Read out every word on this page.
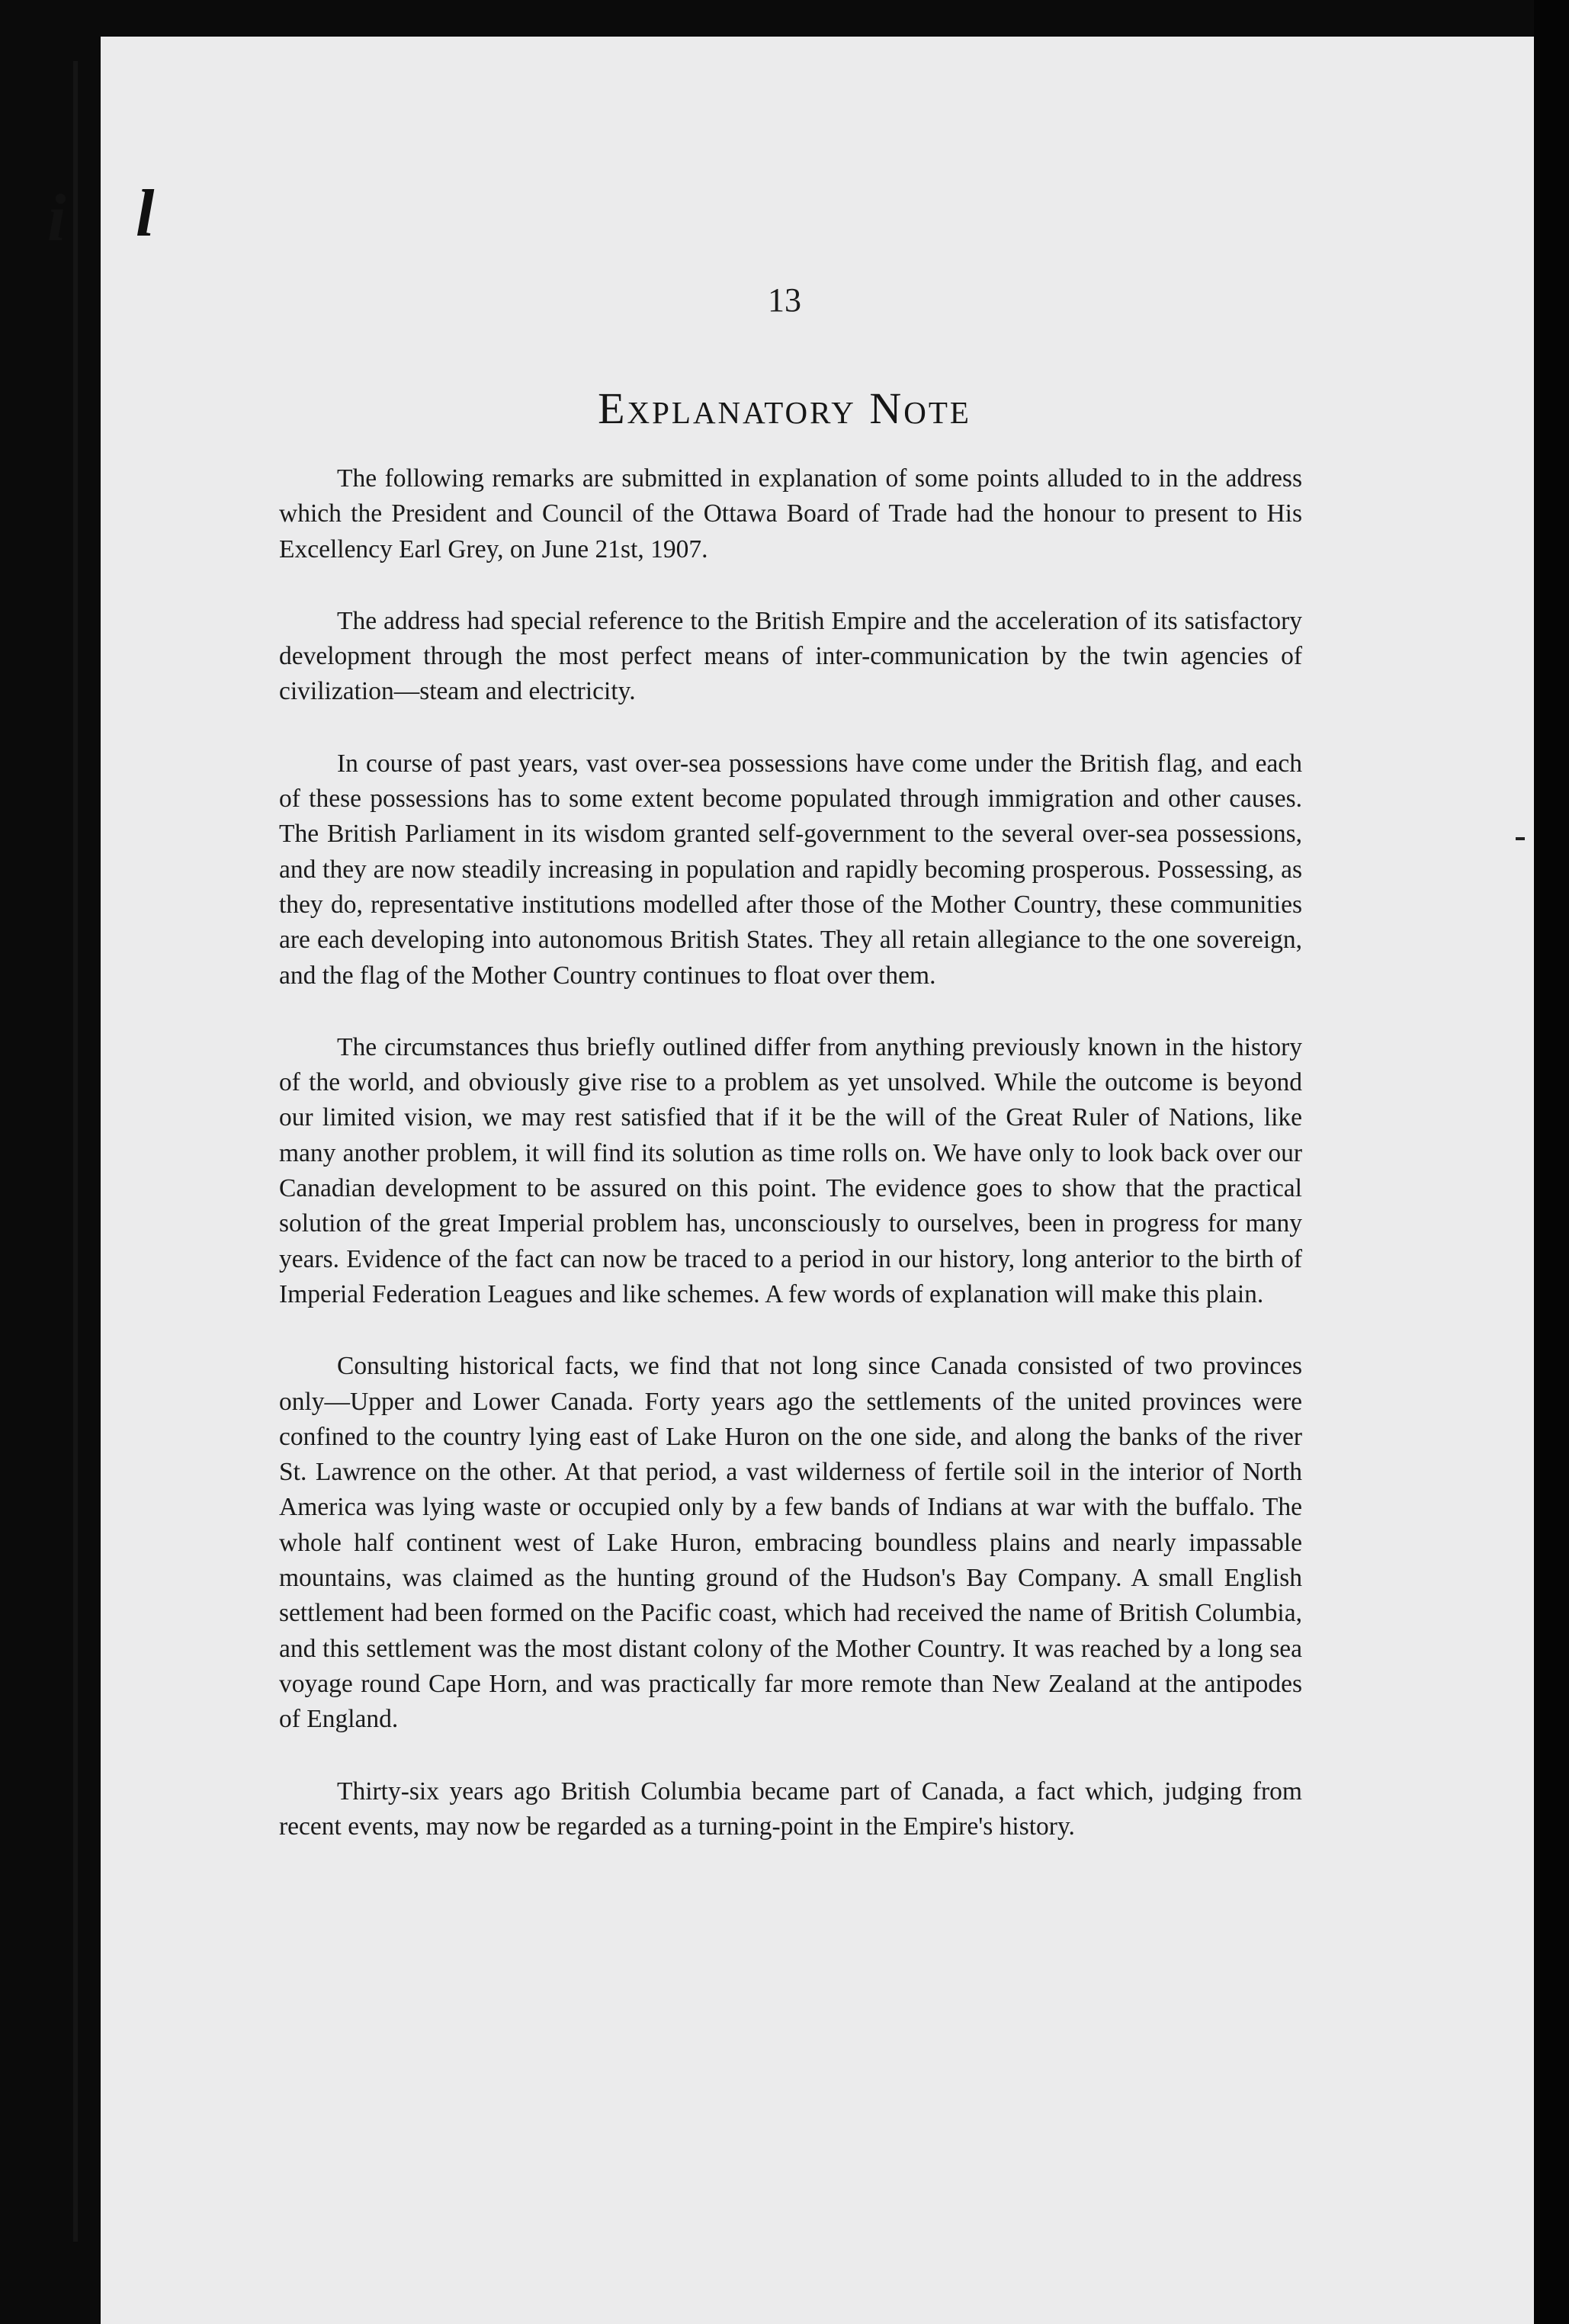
i l
13
Explanatory Note

The following remarks are submitted in explanation of some points alluded to in the address which the President and Council of the Ottawa Board of Trade had the honour to present to His Excellency Earl Grey, on June 21st, 1907.

The address had special reference to the British Empire and the acceleration of its satisfactory development through the most perfect means of inter-communication by the twin agencies of civilization—steam and electricity.

In course of past years, vast over-sea possessions have come under the British flag, and each of these possessions has to some extent become populated through immigration and other causes. The British Parliament in its wisdom granted self-government to the several over-sea possessions, and they are now steadily increasing in population and rapidly becoming prosperous. Possessing, as they do, representative institutions modelled after those of the Mother Country, these communities are each developing into autonomous British States. They all retain allegiance to the one sovereign, and the flag of the Mother Country continues to float over them.

The circumstances thus briefly outlined differ from anything previously known in the history of the world, and obviously give rise to a problem as yet unsolved. While the outcome is beyond our limited vision, we may rest satisfied that if it be the will of the Great Ruler of Nations, like many another problem, it will find its solution as time rolls on. We have only to look back over our Canadian development to be assured on this point. The evidence goes to show that the practical solution of the great Imperial problem has, unconsciously to ourselves, been in progress for many years. Evidence of the fact can now be traced to a period in our history, long anterior to the birth of Imperial Federation Leagues and like schemes. A few words of explanation will make this plain.

Consulting historical facts, we find that not long since Canada consisted of two provinces only—Upper and Lower Canada. Forty years ago the settlements of the united provinces were confined to the country lying east of Lake Huron on the one side, and along the banks of the river St. Lawrence on the other. At that period, a vast wilderness of fertile soil in the interior of North America was lying waste or occupied only by a few bands of Indians at war with the buffalo. The whole half continent west of Lake Huron, embracing boundless plains and nearly impassable mountains, was claimed as the hunting ground of the Hudson's Bay Company. A small English settlement had been formed on the Pacific coast, which had received the name of British Columbia, and this settlement was the most distant colony of the Mother Country. It was reached by a long sea voyage round Cape Horn, and was practically far more remote than New Zealand at the antipodes of England.

Thirty-six years ago British Columbia became part of Canada, a fact which, judging from recent events, may now be regarded as a turning-point in the Empire's history.
